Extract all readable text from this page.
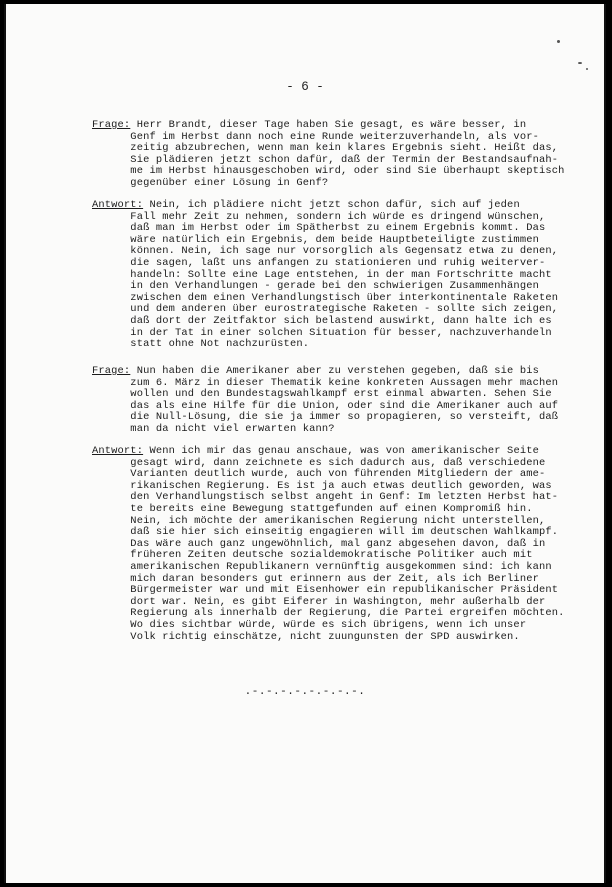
- 6 -
Frage: Herr Brandt, dieser Tage haben Sie gesagt, es wäre besser, in
Genf im Herbst dann noch eine Runde weiterzuverhandeln, als vor-
zeitig abzubrechen, wenn man kein klares Ergebnis sieht. Heißt das,
Sie plädieren jetzt schon dafür, daß der Termin der Bestandsaufnah-
me im Herbst hinausgeschoben wird, oder sind Sie überhaupt skeptisch
gegenüber einer Lösung in Genf?
Antwort: Nein, ich plädiere nicht jetzt schon dafür, sich auf jeden
Fall mehr Zeit zu nehmen, sondern ich würde es dringend wünschen,
daß man im Herbst oder im Spätherbst zu einem Ergebnis kommt. Das
wäre natürlich ein Ergebnis, dem beide Hauptbeteiligte zustimmen
können. Nein, ich sage nur vorsorglich als Gegensatz etwa zu denen,
die sagen, laßt uns anfangen zu stationieren und ruhig weiterver-
handeln: Sollte eine Lage entstehen, in der man Fortschritte macht
in den Verhandlungen - gerade bei den schwierigen Zusammenhängen
zwischen dem einen Verhandlungstisch über interkontinentale Raketen
und dem anderen über eurostrategische Raketen - sollte sich zeigen,
daß dort der Zeitfaktor sich belastend auswirkt, dann halte ich es
in der Tat in einer solchen Situation für besser, nachzuverhandeln
statt ohne Not nachzurüsten.
Frage: Nun haben die Amerikaner aber zu verstehen gegeben, daß sie bis
zum 6. März in dieser Thematik keine konkreten Aussagen mehr machen
wollen und den Bundestagswahlkampf erst einmal abwarten. Sehen Sie
das als eine Hilfe für die Union, oder sind die Amerikaner auch auf
die Null-Lösung, die sie ja immer so propagieren, so versteift, daß
man da nicht viel erwarten kann?
Antwort: Wenn ich mir das genau anschaue, was von amerikanischer Seite
gesagt wird, dann zeichnete es sich dadurch aus, daß verschiedene
Varianten deutlich wurde, auch von führenden Mitgliedern der ame-
rikanischen Regierung. Es ist ja auch etwas deutlich geworden, was
den Verhandlungstisch selbst angeht in Genf: Im letzten Herbst hat-
te bereits eine Bewegung stattgefunden auf einen Kompromiß hin.
Nein, ich möchte der amerikanischen Regierung nicht unterstellen,
daß sie hier sich einseitig engagieren will im deutschen Wahlkampf.
Das wäre auch ganz ungewöhnlich, mal ganz abgesehen davon, daß in
früheren Zeiten deutsche sozialdemokratische Politiker auch mit
amerikanischen Republikanern vernünftig ausgekommen sind: ich kann
mich daran besonders gut erinnern aus der Zeit, als ich Berliner
Bürgermeister war und mit Eisenhower ein republikanischer Präsident
dort war. Nein, es gibt Eiferer in Washington, mehr außerhalb der
Regierung als innerhalb der Regierung, die Partei ergreifen möchten.
Wo dies sichtbar würde, würde es sich übrigens, wenn ich unser
Volk richtig einschätze, nicht zuungunsten der SPD auswirken.
.-.-.-.-.-.-.-.-.
